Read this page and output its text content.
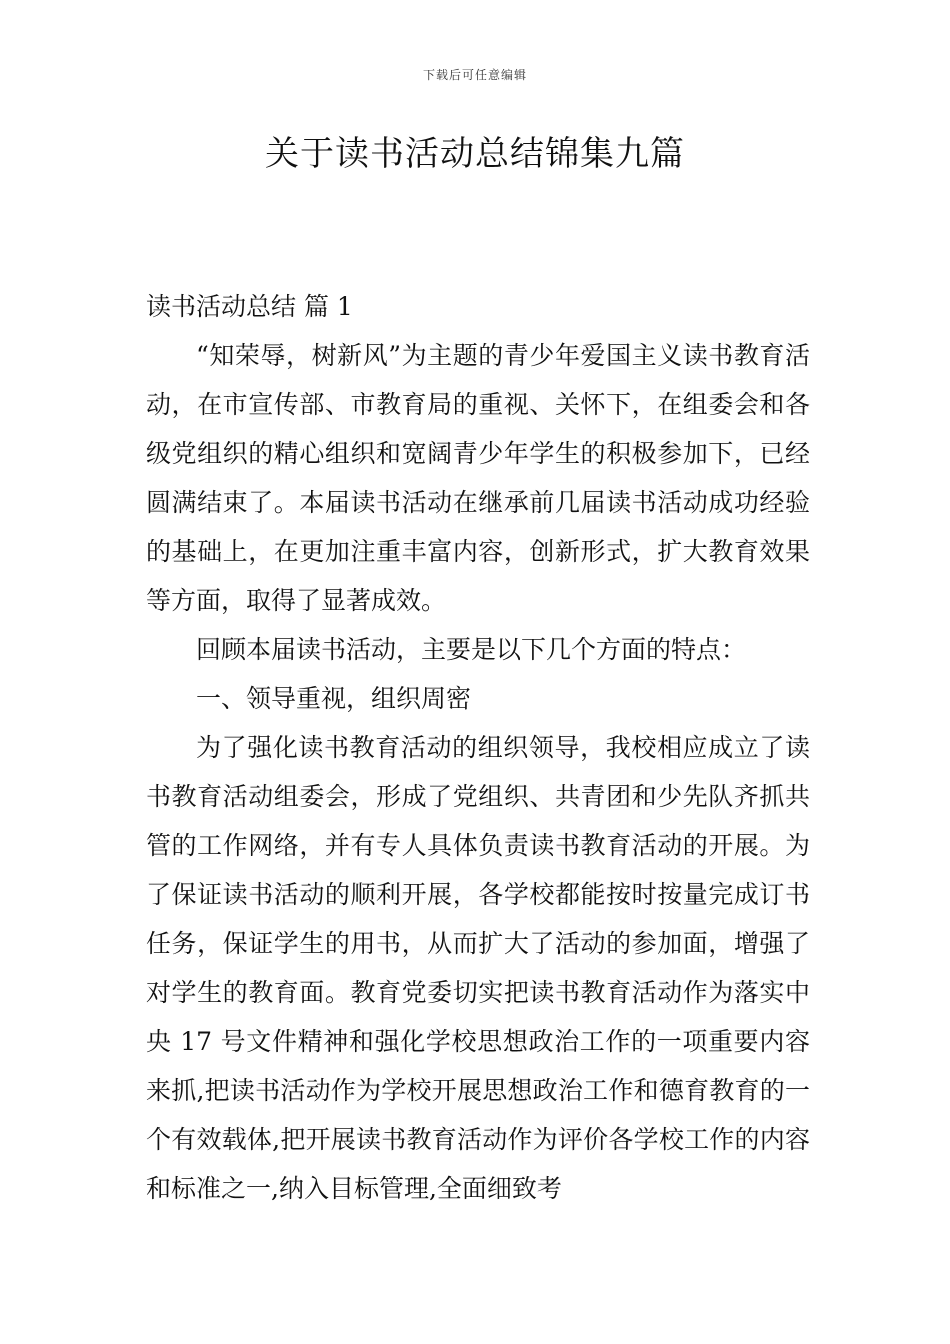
下载后可任意编辑
关于读书活动总结锦集九篇

读书活动总结 篇 1

“知荣辱，树新风”为主题的青少年爱国主义读书教育活动，在市宣传部、市教育局的重视、关怀下，在组委会和各级党组织的精心组织和宽阔青少年学生的积极参加下，已经圆满结束了。本届读书活动在继承前几届读书活动成功经验的基础上，在更加注重丰富内容，创新形式，扩大教育效果等方面，取得了显著成效。

回顾本届读书活动，主要是以下几个方面的特点：

一、领导重视，组织周密

为了强化读书教育活动的组织领导，我校相应成立了读书教育活动组委会，形成了党组织、共青团和少先队齐抓共管的工作网络，并有专人具体负责读书教育活动的开展。为了保证读书活动的顺利开展，各学校都能按时按量完成订书任务，保证学生的用书，从而扩大了活动的参加面，增强了对学生的教育面。教育党委切实把读书教育活动作为落实中央 17 号文件精神和强化学校思想政治工作的一项重要内容来抓,把读书活动作为学校开展思想政治工作和德育教育的一个有效载体,把开展读书教育活动作为评价各学校工作的内容和标准之一,纳入目标管理,全面细致考
